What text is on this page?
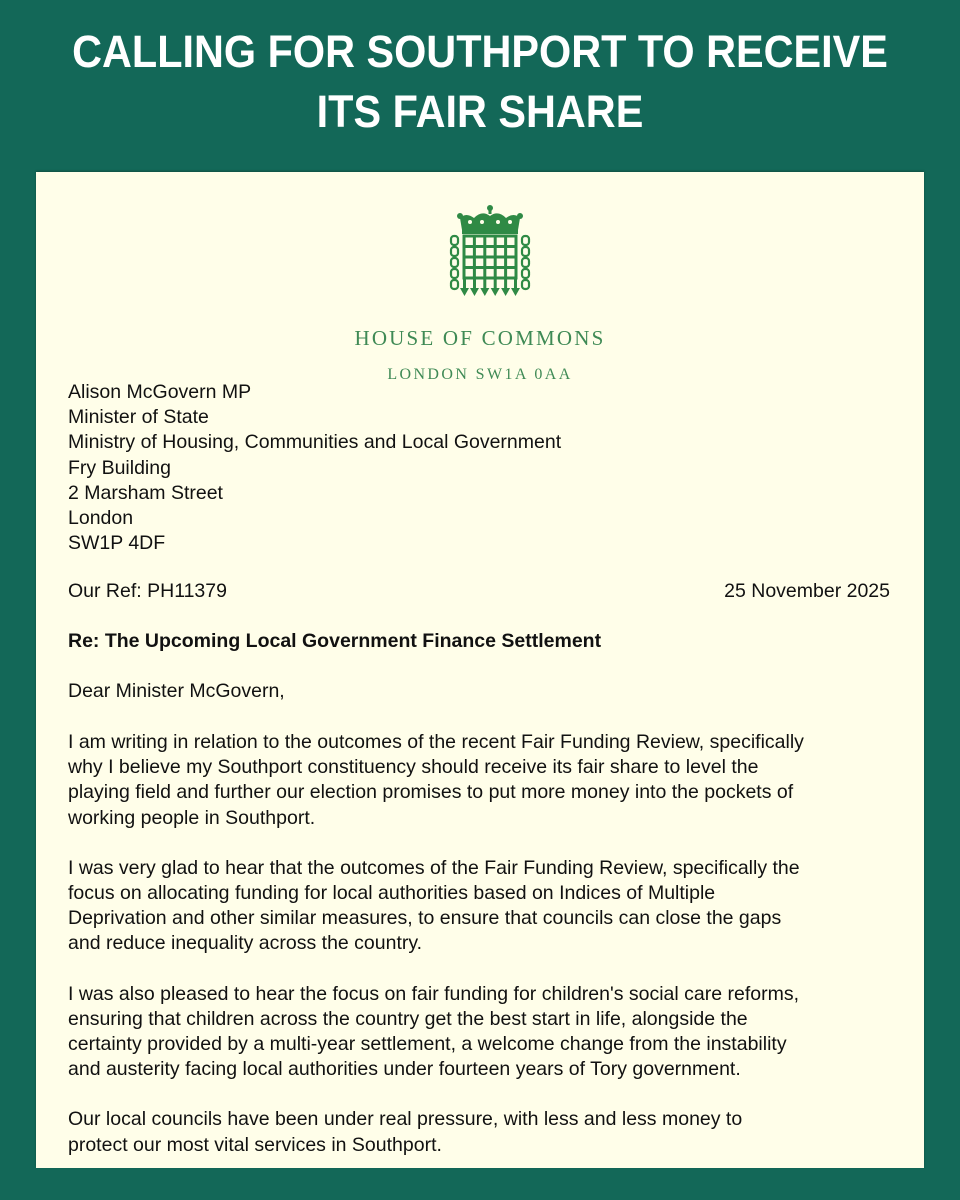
CALLING FOR SOUTHPORT TO RECEIVE
ITS FAIR SHARE
HOUSE OF COMMONS
LONDON SW1A 0AA
Alison McGovern MP
Minister of State
Ministry of Housing, Communities and Local Government
Fry Building
2 Marsham Street
London
SW1P 4DF
Our Ref: PH11379	25 November 2025
Re: The Upcoming Local Government Finance Settlement
Dear Minister McGovern,

I am writing in relation to the outcomes of the recent Fair Funding Review, specifically
why I believe my Southport constituency should receive its fair share to level the
playing field and further our election promises to put more money into the pockets of
working people in Southport.

I was very glad to hear that the outcomes of the Fair Funding Review, specifically the
focus on allocating funding for local authorities based on Indices of Multiple
Deprivation and other similar measures, to ensure that councils can close the gaps
and reduce inequality across the country.

I was also pleased to hear the focus on fair funding for children's social care reforms,
ensuring that children across the country get the best start in life, alongside the
certainty provided by a multi-year settlement, a welcome change from the instability
and austerity facing local authorities under fourteen years of Tory government.

Our local councils have been under real pressure, with less and less money to
protect our most vital services in Southport.
